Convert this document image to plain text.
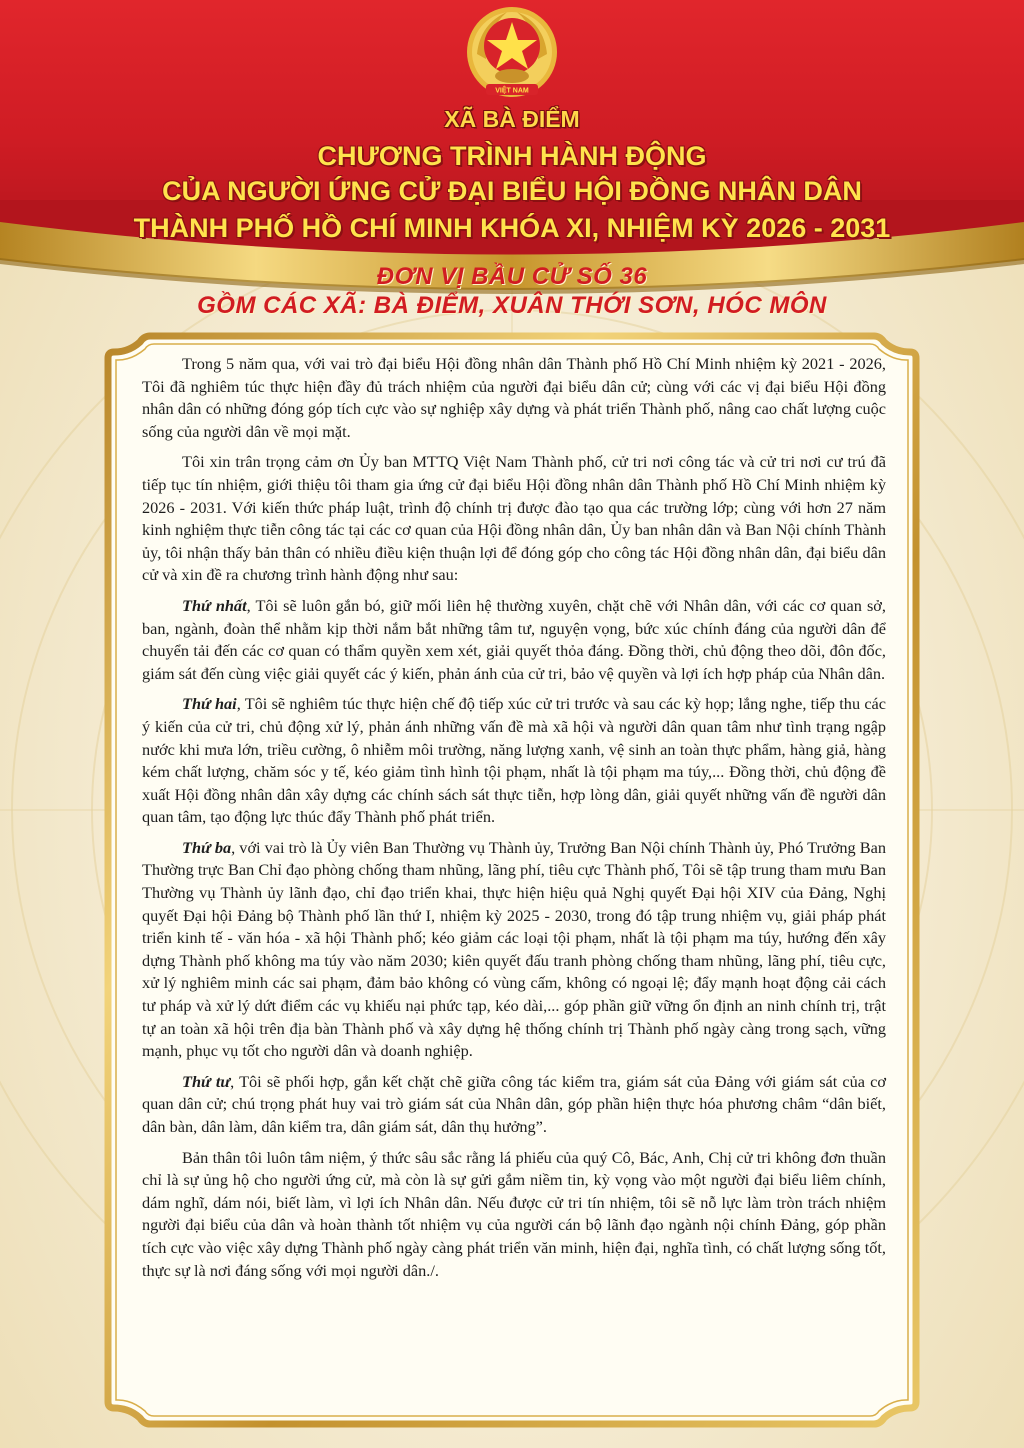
VIỆT NAM
XÃ BÀ ĐIỂM
CHƯƠNG TRÌNH HÀNH ĐỘNG
CỦA NGƯỜI ỨNG CỬ ĐẠI BIỂU HỘI ĐỒNG NHÂN DÂN
THÀNH PHỐ HỒ CHÍ MINH KHÓA XI, NHIỆM KỲ 2026 - 2031
ĐƠN VỊ BẦU CỬ SỐ 36
GỒM CÁC XÃ: BÀ ĐIỂM, XUÂN THỚI SƠN, HÓC MÔN

Trong 5 năm qua, với vai trò đại biểu Hội đồng nhân dân Thành phố Hồ Chí Minh nhiệm kỳ 2021 - 2026, Tôi đã nghiêm túc thực hiện đầy đủ trách nhiệm của người đại biểu dân cử; cùng với các vị đại biểu Hội đồng nhân dân có những đóng góp tích cực vào sự nghiệp xây dựng và phát triển Thành phố, nâng cao chất lượng cuộc sống của người dân về mọi mặt.

Tôi xin trân trọng cảm ơn Ủy ban MTTQ Việt Nam Thành phố, cử tri nơi công tác và cử tri nơi cư trú đã tiếp tục tín nhiệm, giới thiệu tôi tham gia ứng cử đại biểu Hội đồng nhân dân Thành phố Hồ Chí Minh nhiệm kỳ 2026 - 2031. Với kiến thức pháp luật, trình độ chính trị được đào tạo qua các trường lớp; cùng với hơn 27 năm kinh nghiệm thực tiễn công tác tại các cơ quan của Hội đồng nhân dân, Ủy ban nhân dân và Ban Nội chính Thành ủy, tôi nhận thấy bản thân có nhiều điều kiện thuận lợi để đóng góp cho công tác Hội đồng nhân dân, đại biểu dân cử và xin đề ra chương trình hành động như sau:

Thứ nhất, Tôi sẽ luôn gắn bó, giữ mối liên hệ thường xuyên, chặt chẽ với Nhân dân, với các cơ quan sở, ban, ngành, đoàn thể nhằm kịp thời nắm bắt những tâm tư, nguyện vọng, bức xúc chính đáng của người dân để chuyển tải đến các cơ quan có thẩm quyền xem xét, giải quyết thỏa đáng. Đồng thời, chủ động theo dõi, đôn đốc, giám sát đến cùng việc giải quyết các ý kiến, phản ánh của cử tri, bảo vệ quyền và lợi ích hợp pháp của Nhân dân.

Thứ hai, Tôi sẽ nghiêm túc thực hiện chế độ tiếp xúc cử tri trước và sau các kỳ họp; lắng nghe, tiếp thu các ý kiến của cử tri, chủ động xử lý, phản ánh những vấn đề mà xã hội và người dân quan tâm như tình trạng ngập nước khi mưa lớn, triều cường, ô nhiễm môi trường, năng lượng xanh, vệ sinh an toàn thực phẩm, hàng giả, hàng kém chất lượng, chăm sóc y tế, kéo giảm tình hình tội phạm, nhất là tội phạm ma túy,... Đồng thời, chủ động đề xuất Hội đồng nhân dân xây dựng các chính sách sát thực tiễn, hợp lòng dân, giải quyết những vấn đề người dân quan tâm, tạo động lực thúc đẩy Thành phố phát triển.

Thứ ba, với vai trò là Ủy viên Ban Thường vụ Thành ủy, Trưởng Ban Nội chính Thành ủy, Phó Trưởng Ban Thường trực Ban Chỉ đạo phòng chống tham nhũng, lãng phí, tiêu cực Thành phố, Tôi sẽ tập trung tham mưu Ban Thường vụ Thành ủy lãnh đạo, chỉ đạo triển khai, thực hiện hiệu quả Nghị quyết Đại hội XIV của Đảng, Nghị quyết Đại hội Đảng bộ Thành phố lần thứ I, nhiệm kỳ 2025 - 2030, trong đó tập trung nhiệm vụ, giải pháp phát triển kinh tế - văn hóa - xã hội Thành phố; kéo giảm các loại tội phạm, nhất là tội phạm ma túy, hướng đến xây dựng Thành phố không ma túy vào năm 2030; kiên quyết đấu tranh phòng chống tham nhũng, lãng phí, tiêu cực, xử lý nghiêm minh các sai phạm, đảm bảo không có vùng cấm, không có ngoại lệ; đẩy mạnh hoạt động cải cách tư pháp và xử lý dứt điểm các vụ khiếu nại phức tạp, kéo dài,... góp phần giữ vững ổn định an ninh chính trị, trật tự an toàn xã hội trên địa bàn Thành phố và xây dựng hệ thống chính trị Thành phố ngày càng trong sạch, vững mạnh, phục vụ tốt cho người dân và doanh nghiệp.

Thứ tư, Tôi sẽ phối hợp, gắn kết chặt chẽ giữa công tác kiểm tra, giám sát của Đảng với giám sát của cơ quan dân cử; chú trọng phát huy vai trò giám sát của Nhân dân, góp phần hiện thực hóa phương châm “dân biết, dân bàn, dân làm, dân kiểm tra, dân giám sát, dân thụ hưởng”.

Bản thân tôi luôn tâm niệm, ý thức sâu sắc rằng lá phiếu của quý Cô, Bác, Anh, Chị cử tri không đơn thuần chỉ là sự ủng hộ cho người ứng cử, mà còn là sự gửi gắm niềm tin, kỳ vọng vào một người đại biểu liêm chính, dám nghĩ, dám nói, biết làm, vì lợi ích Nhân dân. Nếu được cử tri tín nhiệm, tôi sẽ nỗ lực làm tròn trách nhiệm người đại biểu của dân và hoàn thành tốt nhiệm vụ của người cán bộ lãnh đạo ngành nội chính Đảng, góp phần tích cực vào việc xây dựng Thành phố ngày càng phát triển văn minh, hiện đại, nghĩa tình, có chất lượng sống tốt, thực sự là nơi đáng sống với mọi người dân./.
